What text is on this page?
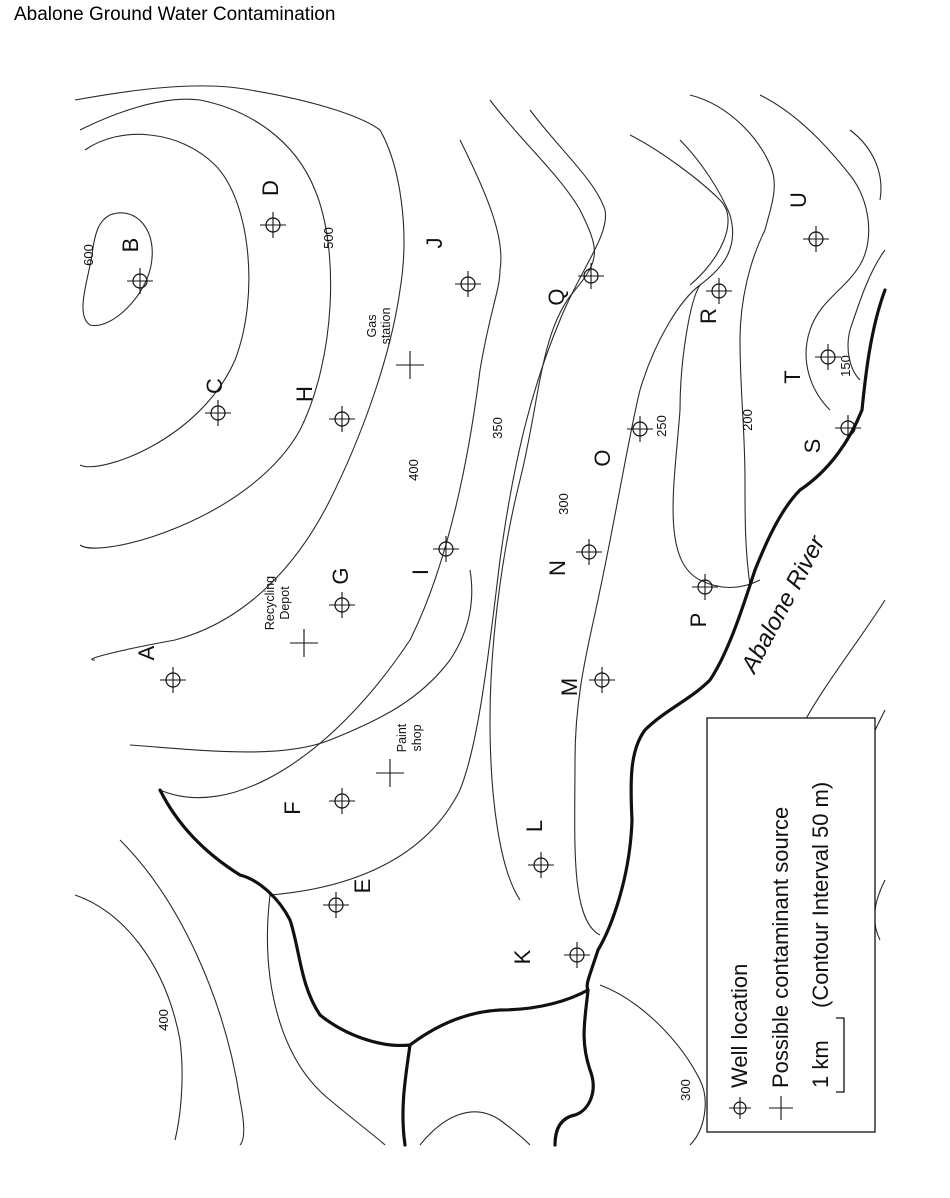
Abalone Ground Water Contamination
600
500
400
350
300
250	200
150
400
300
A
B
C
D
E
F
G
H
I
J
K
L
M
N
O
P
Q
R
S
T
U
Gas station
Recycling Depot
Paint shop
Abalone River
Well location Possible contaminant source 1 km
(Contour Interval 50 m)
